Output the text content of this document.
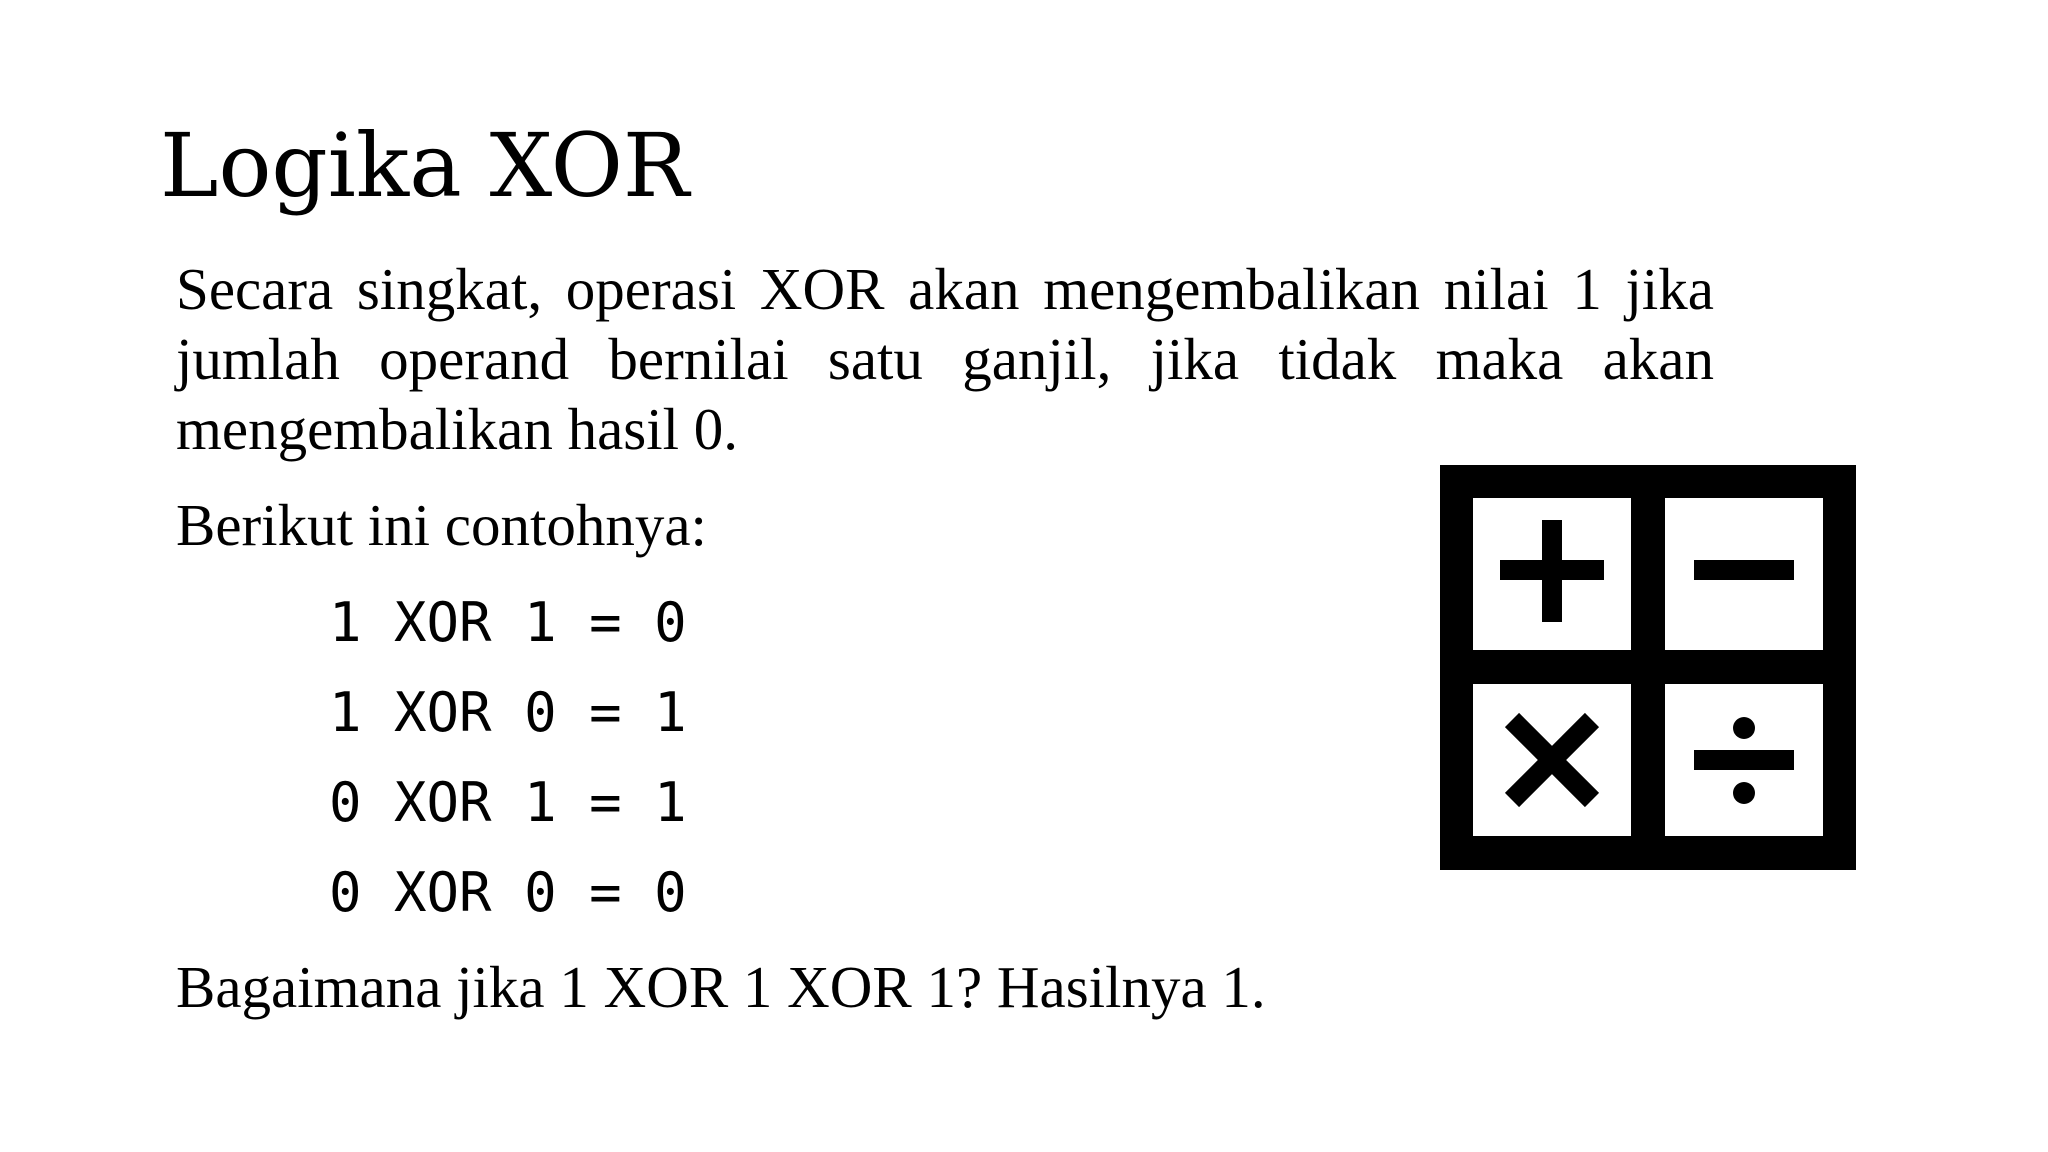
Logika XOR

Secara singkat, operasi XOR akan mengembalikan nilai 1 jika jumlah operand bernilai satu ganjil, jika tidak maka akan mengembalikan hasil 0.

Berikut ini contohnya:

1 XOR 1 = 0
1 XOR 0 = 1
0 XOR 1 = 1
0 XOR 0 = 0

Bagaimana jika 1 XOR 1 XOR 1? Hasilnya 1.
